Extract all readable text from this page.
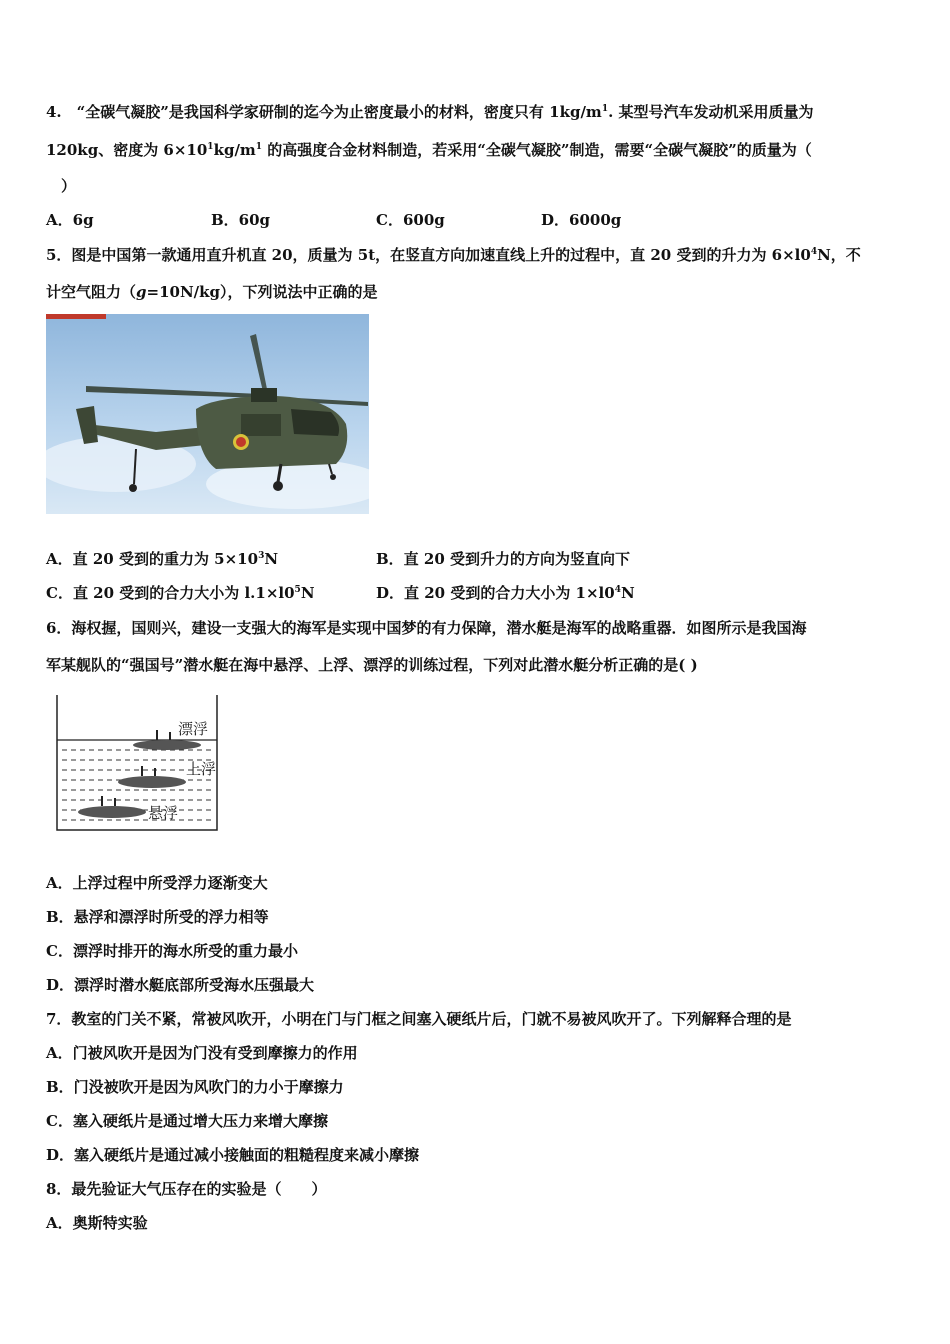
4.　“全碳气凝胶”是我国科学家研制的迄今为止密度最小的材料，密度只有 $1kg/m^1$. 某型号汽车发动机采用质量为
120kg、密度为 $6\times 10^1kg/m^1$ 的高强度合金材料制造，若采用“全碳气凝胶”制造，需要“全碳气凝胶”的质量为（
　）
A．6g	B．60g	C．600g	D．6000g
5．图是中国第一款通用直升机直 20，质量为 5t，在竖直方向加速直线上升的过程中，直 20 受到的升力为 $6\times l0^4N$，不
计空气阻力（g=10N/kg），下列说法中正确的是
A．直 20 受到的重力为 $5\times 10^3N$	B．直 20 受到升力的方向为竖直向下
C．直 20 受到的合力大小为 $l.1\times l0^5N$	D．直 20 受到的合力大小为 $1\times l0^4N$
6．海权握，国则兴，建设一支强大的海军是实现中国梦的有力保障，潜水艇是海军的战略重器．如图所示是我国海
军某舰队的“强国号”潜水艇在海中悬浮、上浮、漂浮的训练过程，下列对此潜水艇分析正确的是( )
漂浮
上浮
悬浮
A．上浮过程中所受浮力逐渐变大
B．悬浮和漂浮时所受的浮力相等
C．漂浮时排开的海水所受的重力最小
D．漂浮时潜水艇底部所受海水压强最大
7．教室的门关不紧，常被风吹开，小明在门与门框之间塞入硬纸片后，门就不易被风吹开了。下列解释合理的是
A．门被风吹开是因为门没有受到摩擦力的作用
B．门没被吹开是因为风吹门的力小于摩擦力
C．塞入硬纸片是通过增大压力来增大摩擦
D．塞入硬纸片是通过减小接触面的粗糙程度来减小摩擦
8．最先验证大气压存在的实验是（　　）
A．奥斯特实验
